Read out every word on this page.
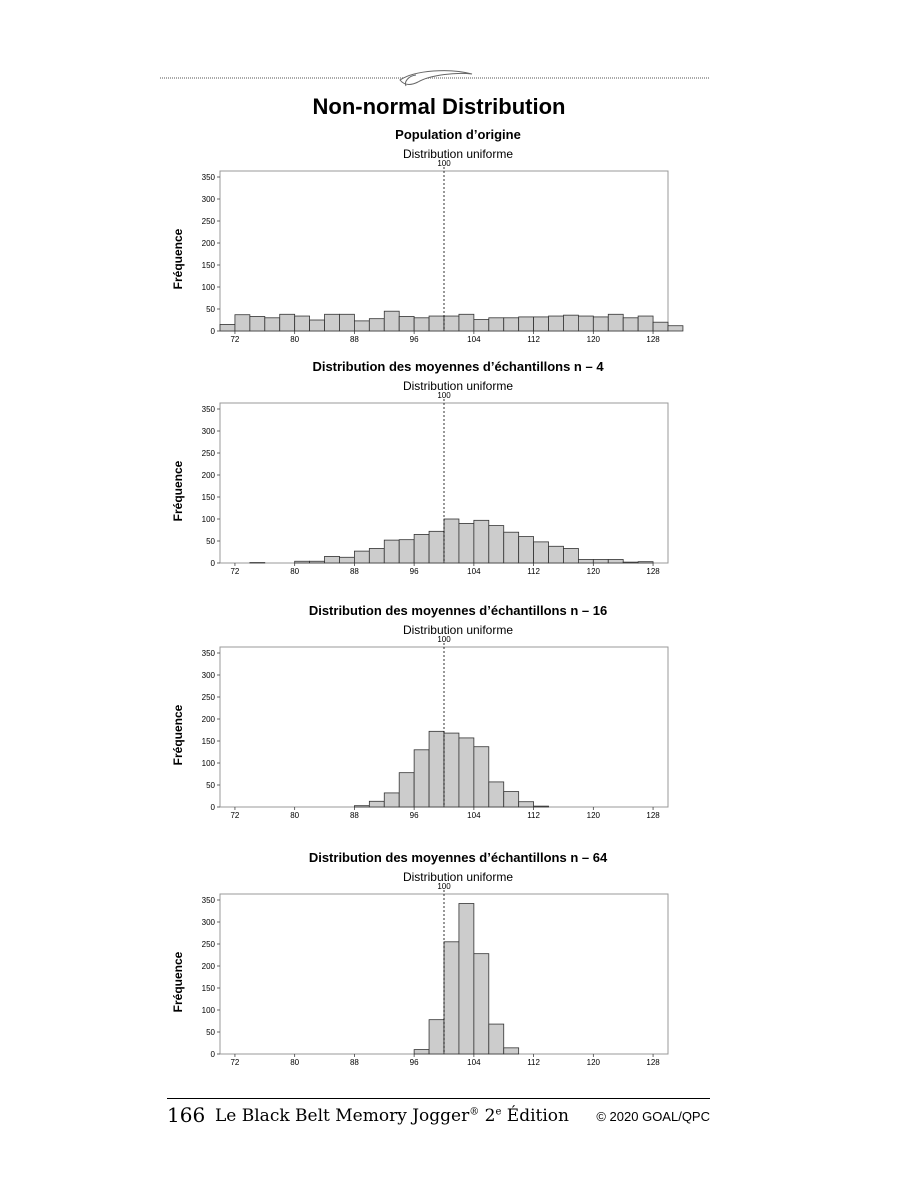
Non-normal Distribution
Population d’origine
Distribution uniforme
0
50
100
150
200
250
300
350
72	80	88	96	104	112	120	128
100
Fréquence
Distribution des moyennes d’échantillons n – 4
Distribution uniforme
0
50
100
150
200
250
300
350
72	80	88	96	104	112	120	128
100
Fréquence
Distribution des moyennes d’échantillons n – 16
Distribution uniforme
0
50
100
150
200
250
300
350
72	80	88	96	104	112	120	128
100
Fréquence
Distribution des moyennes d’échantillons n – 64
Distribution uniforme
0
50
100
150
200
250
300
350
72	80	88	96	104	112	120	128
100
Fréquence
166 Le Black Belt Memory Jogger® 2e Édition © 2020 GOAL/QPC
